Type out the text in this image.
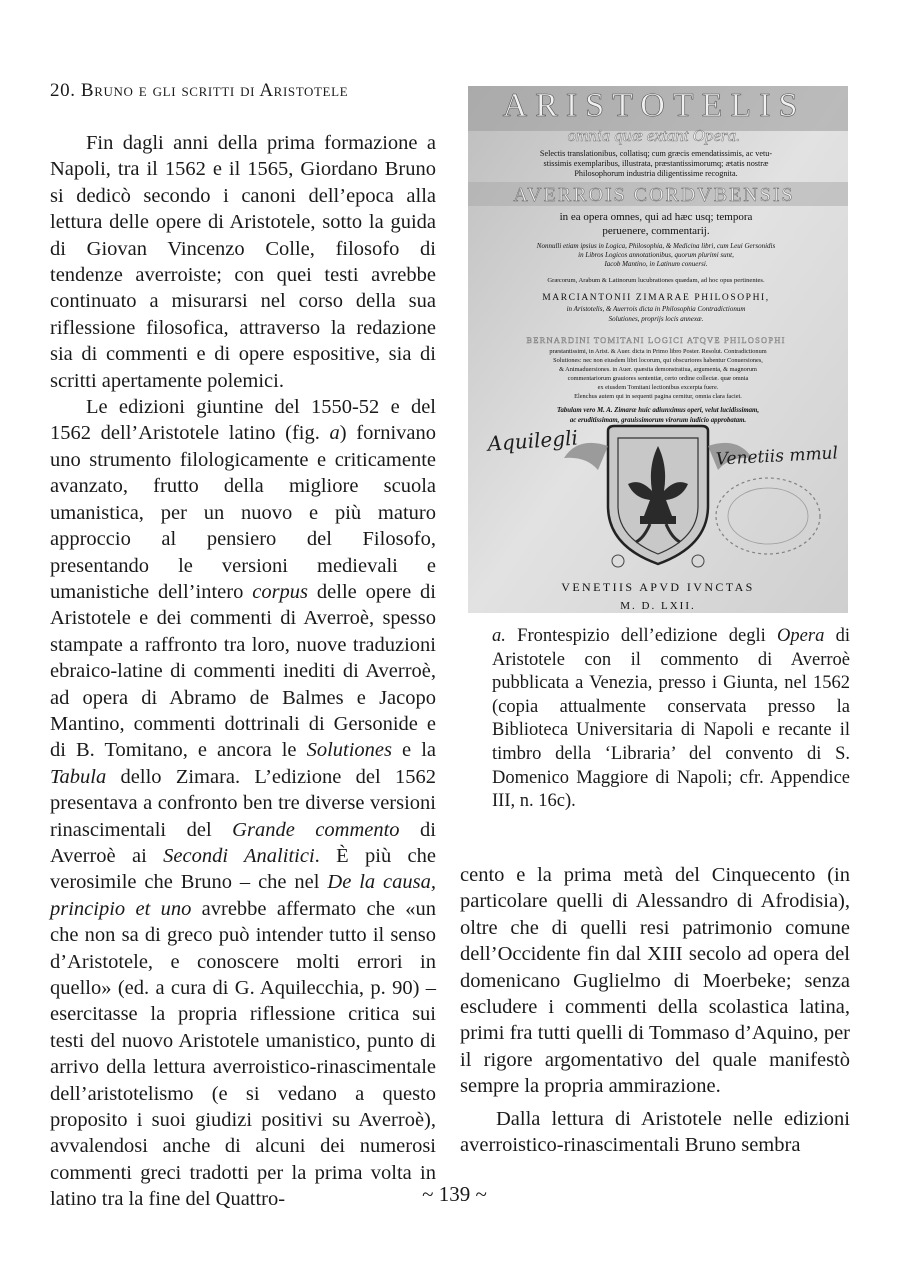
20. Bruno e gli scritti di Aristotele

Fin dagli anni della prima formazione a Napoli, tra il 1562 e il 1565, Giordano Bruno si dedicò secondo i canoni dell’epoca alla lettura delle opere di Aristotele, sotto la guida di Giovan Vincenzo Colle, filosofo di tendenze averroiste; con quei testi avrebbe continuato a misurarsi nel corso della sua riflessione filosofica, attraverso la redazione sia di commenti e di opere espositive, sia di scritti apertamente polemici.

Le edizioni giuntine del 1550-52 e del 1562 dell’Aristotele latino (fig. a) fornivano uno strumento filologicamente e criticamente avanzato, frutto della migliore scuola umanistica, per un nuovo e più maturo approccio al pensiero del Filosofo, presentando le versioni medievali e umanistiche dell’intero corpus delle opere di Aristotele e dei commenti di Averroè, spesso stampate a raffronto tra loro, nuove traduzioni ebraico-latine di commenti inediti di Averroè, ad opera di Abramo de Balmes e Jacopo Mantino, commenti dottrinali di Gersonide e di B. Tomitano, e ancora le Solutiones e la Tabula dello Zimara. L’edizione del 1562 presentava a confronto ben tre diverse versioni rinascimentali del Grande commento di Averroè ai Secondi Analitici. È più che verosimile che Bruno – che nel De la causa, principio et uno avrebbe affermato che «un che non sa di greco può intender tutto il senso d’Aristotele, e conoscere molti errori in quello» (ed. a cura di G. Aquilecchia, p. 90) – esercitasse la propria riflessione critica sui testi del nuovo Aristotele umanistico, punto di arrivo della lettura averroistico-rinascimentale dell’aristotelismo (e si vedano a questo proposito i suoi giudizi positivi su Averroè), avvalendosi anche di alcuni dei numerosi commenti greci tradotti per la prima volta in latino tra la fine del Quattro-

ARISTOTELIS
omnia quæ extant Opera.
Selectis translationibus, collatisq; cum græcis emendatissimis, ac vetu-
stissimis exemplaribus, illustrata, præstantissimorumq; ætatis nostræ
Philosophorum industria diligentissime recognita.
AVERROIS CORDVBENSIS
in ea opera omnes, qui ad hæc usq; tempora
peruenere, commentarij.
Nonnulli etiam ipsius in Logica, Philosophia, & Medicina libri, cum Leui Gersonidis
in Libros Logicos annotationibus, quorum plurimi sunt,
Iacob Mantino, in Latinum conuersi.
Græcorum, Arabum & Latinorum lucubrationes quædam, ad hoc opus pertinentes.
MARCIANTONII ZIMARAE PHILOSOPHI,
in Aristotelis, & Auerrois dicta in Philosophia Contradictionum
Solutiones, proprijs locis annexæ.
BERNARDINI TOMITANI LOGICI ATQVE PHILOSOPHI
præstantissimi, in Arist. & Auer. dicta in Primo libro Poster. Resolut. Contradictionum
Solutiones: nec non eiusdem libri locorum, qui obscuriores habentur Conuersiones,
& Animaduersiones. in Auer. quæsita demonstratiua, argumenta, & magnorum
commentariorum grauiores sententiæ, certo ordine collectæ. quæ omnia
ex eiusdem Tomitani lectionibus excerpta fuere.
Elenchus autem qui in sequenti pagina cernitur, omnia clara faciet.
Tabulam vero M. A. Zimaræ huic adiunximus operi, velut lucidissimam,
ac eruditissimam, grauissimorum virorum iudicio approbatam.
Aquilegli
Venetiis mmul
VENETIIS APVD IVNCTAS
M. D. LXII.
a. Frontespizio dell’edizione degli Opera di Aristotele con il commento di Averroè pubblicata a Venezia, presso i Giunta, nel 1562 (copia attualmente conservata presso la Biblioteca Universitaria di Napoli e recante il timbro della ‘Libraria’ del convento di S. Domenico Maggiore di Napoli; cfr. Appendice III, n. 16c).

cento e la prima metà del Cinquecento (in particolare quelli di Alessandro di Afrodisia), oltre che di quelli resi patrimonio comune dell’Occidente fin dal XIII secolo ad opera del domenicano Guglielmo di Moerbeke; senza escludere i commenti della scolastica latina, primi fra tutti quelli di Tommaso d’Aquino, per il rigore argomentativo del quale manifestò sempre la propria ammirazione.

Dalla lettura di Aristotele nelle edizioni averroistico-rinascimentali Bruno sembra

~ 139 ~
